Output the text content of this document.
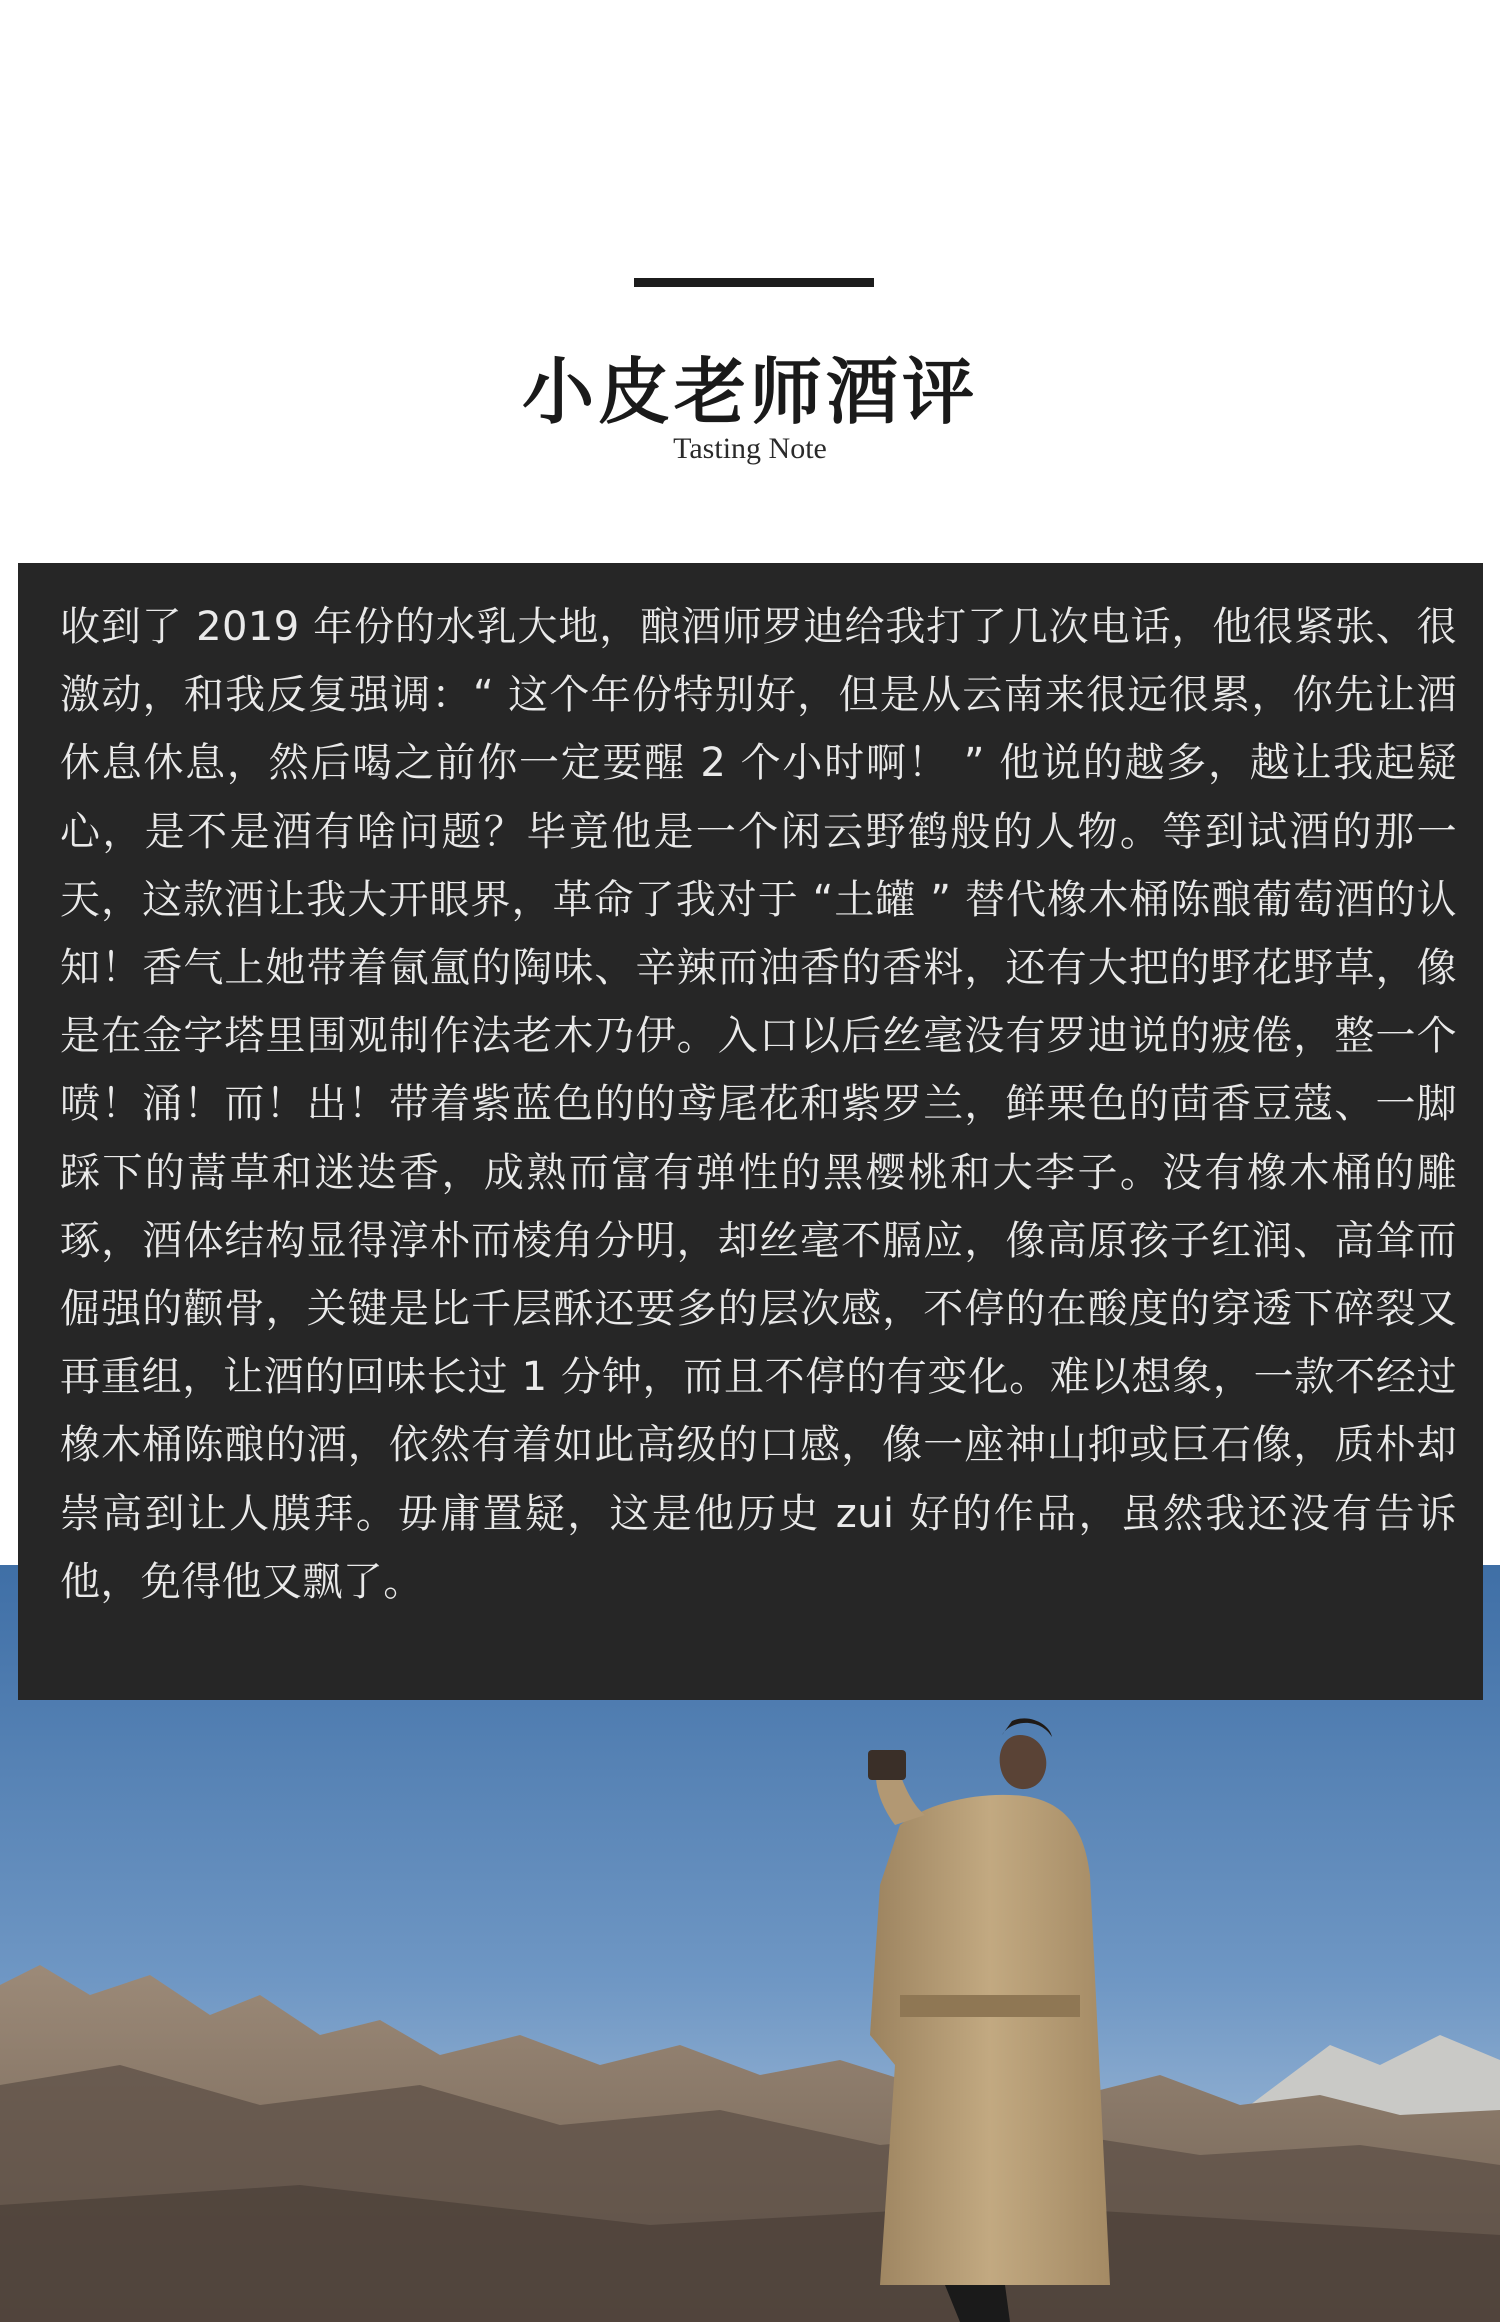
小皮老师酒评
Tasting Note

收到了 2019 年份的水乳大地，酿酒师罗迪给我打了几次电话，他很紧张、很激动，和我反复强调：“ 这个年份特别好，但是从云南来很远很累，你先让酒休息休息，然后喝之前你一定要醒 2 个小时啊！ ” 他说的越多，越让我起疑心，是不是酒有啥问题？毕竟他是一个闲云野鹤般的人物。等到试酒的那一天，这款酒让我大开眼界，革命了我对于 “土罐 ” 替代橡木桶陈酿葡萄酒的认知！香气上她带着氤氲的陶味、辛辣而油香的香料，还有大把的野花野草，像是在金字塔里围观制作法老木乃伊。入口以后丝毫没有罗迪说的疲倦，整一个喷！涌！而！出！带着紫蓝色的的鸢尾花和紫罗兰，鲜栗色的茴香豆蔻、一脚踩下的蒿草和迷迭香，成熟而富有弹性的黑樱桃和大李子。没有橡木桶的雕琢，酒体结构显得淳朴而棱角分明，却丝毫不膈应，像高原孩子红润、高耸而倔强的颧骨，关键是比千层酥还要多的层次感，不停的在酸度的穿透下碎裂又再重组，让酒的回味长过 1 分钟，而且不停的有变化。难以想象，一款不经过橡木桶陈酿的酒，依然有着如此高级的口感，像一座神山抑或巨石像，质朴却崇高到让人膜拜。毋庸置疑，这是他历史 zui 好的作品，虽然我还没有告诉他，免得他又飘了。
